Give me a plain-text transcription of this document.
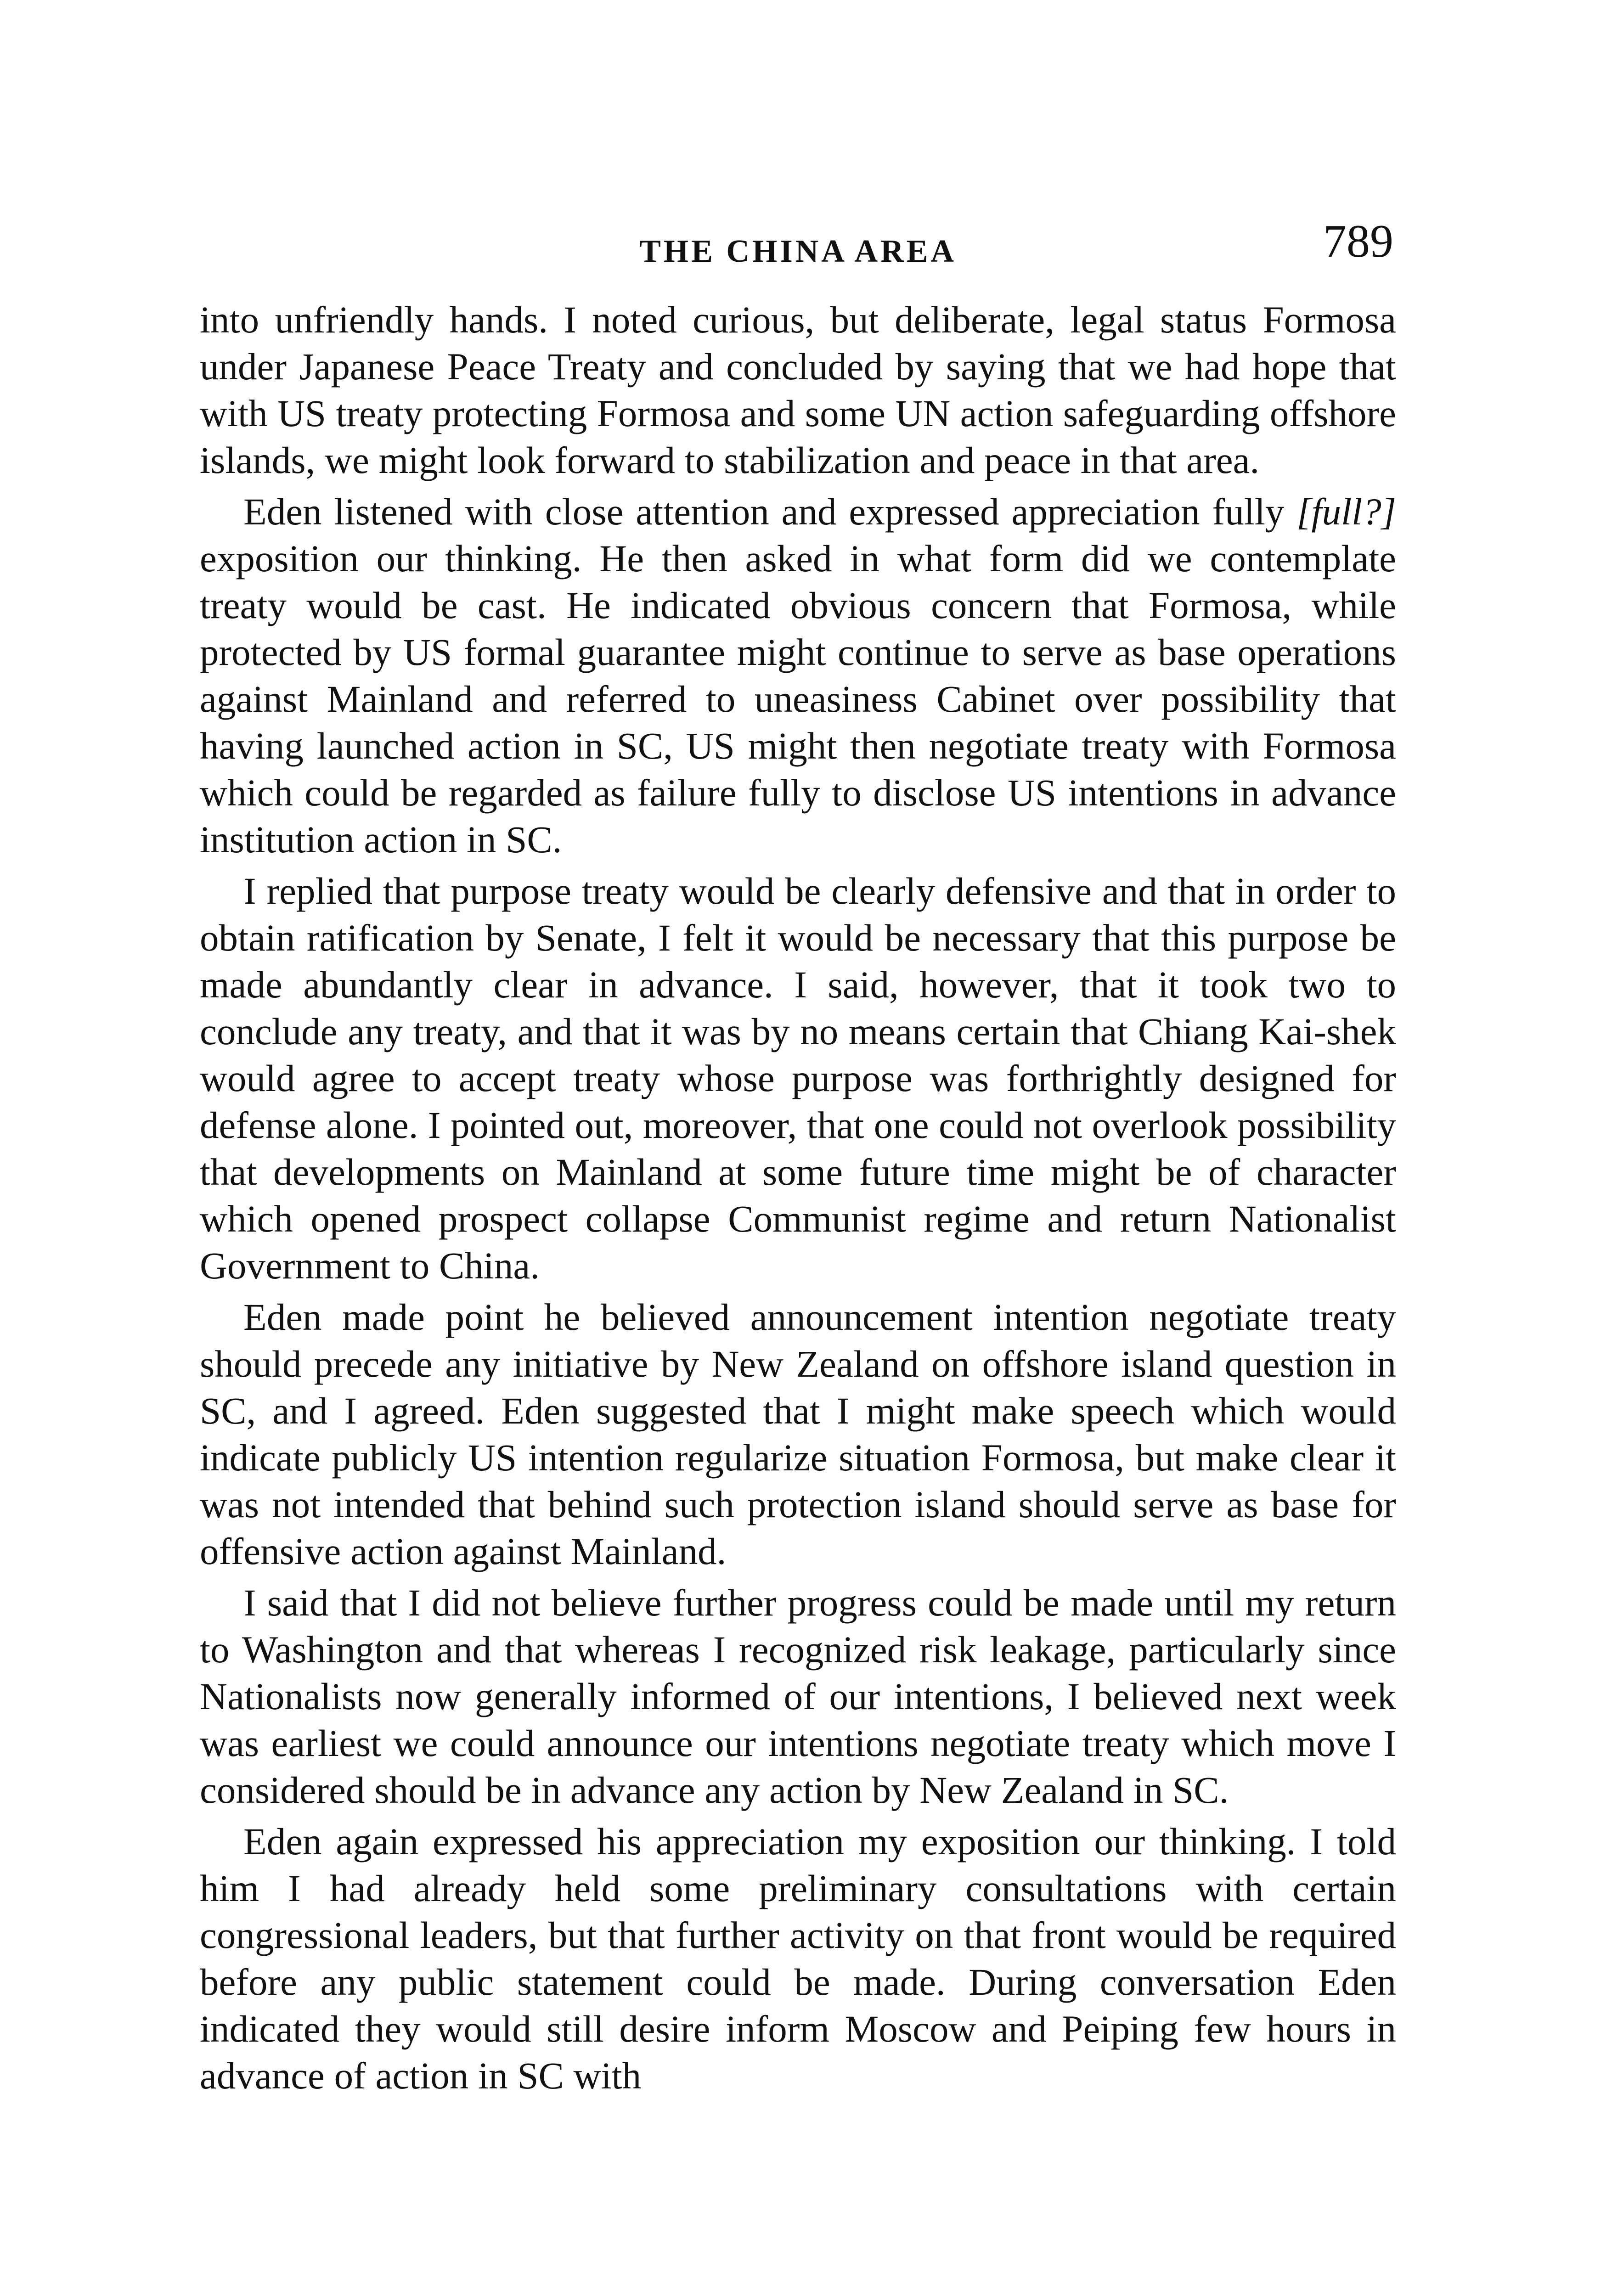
THE CHINA AREA	789

into unfriendly hands. I noted curious, but deliberate, legal status Formosa under Japanese Peace Treaty and concluded by saying that we had hope that with US treaty protecting Formosa and some UN action safeguarding offshore islands, we might look forward to stabilization and peace in that area.

Eden listened with close attention and expressed appreciation fully [full?] exposition our thinking. He then asked in what form did we contemplate treaty would be cast. He indicated obvious concern that Formosa, while protected by US formal guarantee might continue to serve as base operations against Mainland and referred to uneasiness Cabinet over possibility that having launched action in SC, US might then negotiate treaty with Formosa which could be regarded as failure fully to disclose US intentions in advance institution action in SC.

I replied that purpose treaty would be clearly defensive and that in order to obtain ratification by Senate, I felt it would be necessary that this purpose be made abundantly clear in advance. I said, however, that it took two to conclude any treaty, and that it was by no means certain that Chiang Kai-shek would agree to accept treaty whose purpose was forthrightly designed for defense alone. I pointed out, moreover, that one could not overlook possibility that developments on Mainland at some future time might be of character which opened prospect collapse Communist regime and return Nationalist Government to China.

Eden made point he believed announcement intention negotiate treaty should precede any initiative by New Zealand on offshore island question in SC, and I agreed. Eden suggested that I might make speech which would indicate publicly US intention regularize situation Formosa, but make clear it was not intended that behind such protection island should serve as base for offensive action against Mainland.

I said that I did not believe further progress could be made until my return to Washington and that whereas I recognized risk leakage, particularly since Nationalists now generally informed of our intentions, I believed next week was earliest we could announce our intentions negotiate treaty which move I considered should be in advance any action by New Zealand in SC.

Eden again expressed his appreciation my exposition our thinking. I told him I had already held some preliminary consultations with certain congressional leaders, but that further activity on that front would be required before any public statement could be made. During conversation Eden indicated they would still desire inform Moscow and Peiping few hours in advance of action in SC with
